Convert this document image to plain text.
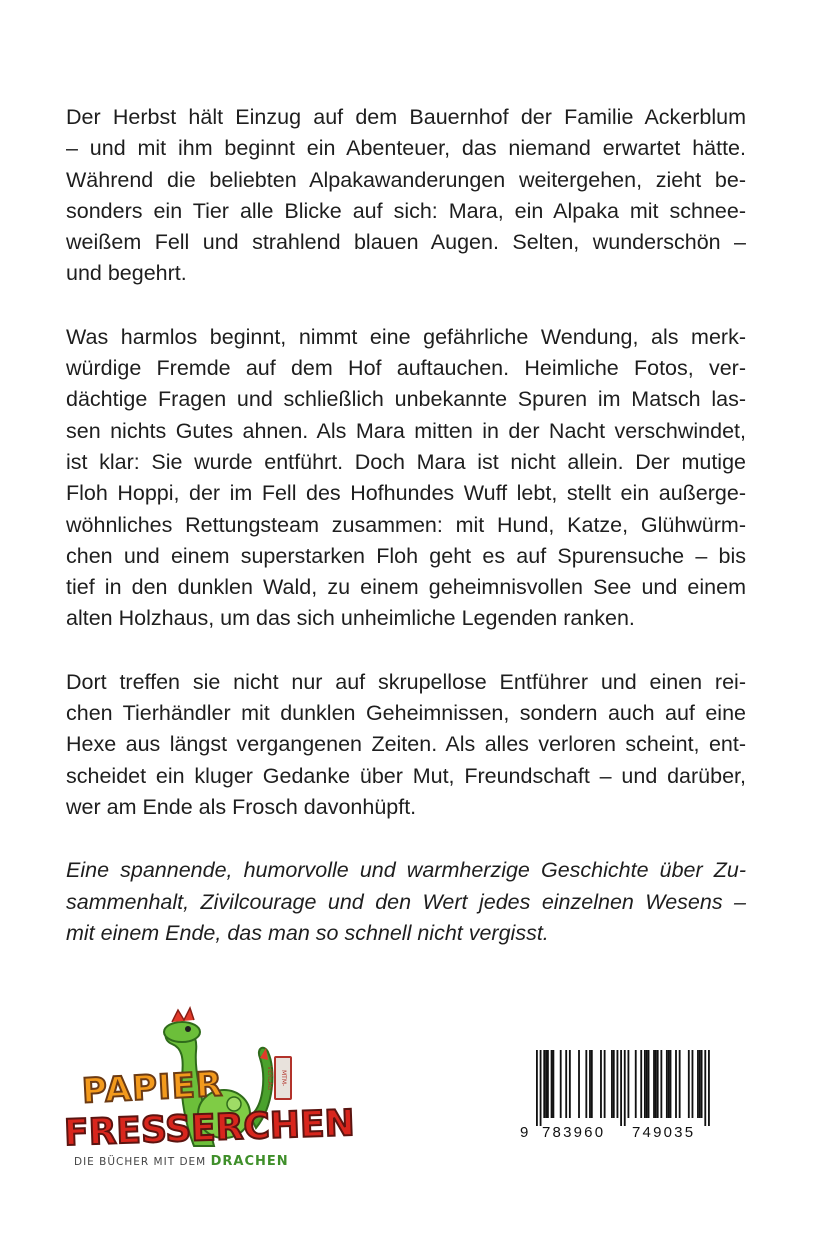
Der Herbst hält Einzug auf dem Bauernhof der Familie Ackerblum
– und mit ihm beginnt ein Abenteuer, das niemand erwartet hätte.
Während die beliebten Alpakawanderungen weitergehen, zieht be-
sonders ein Tier alle Blicke auf sich: Mara, ein Alpaka mit schnee-
weißem Fell und strahlend blauen Augen. Selten, wunderschön –
und begehrt.

Was harmlos beginnt, nimmt eine gefährliche Wendung, als merk-
würdige Fremde auf dem Hof auftauchen. Heimliche Fotos, ver-
dächtige Fragen und schließlich unbekannte Spuren im Matsch las-
sen nichts Gutes ahnen. Als Mara mitten in der Nacht verschwindet,
ist klar: Sie wurde entführt. Doch Mara ist nicht allein. Der mutige
Floh Hoppi, der im Fell des Hofhundes Wuff lebt, stellt ein außerge-
wöhnliches Rettungsteam zusammen: mit Hund, Katze, Glühwürm-
chen und einem superstarken Floh geht es auf Spurensuche – bis
tief in den dunklen Wald, zu einem geheimnisvollen See und einem
alten Holzhaus, um das sich unheimliche Legenden ranken.

Dort treffen sie nicht nur auf skrupellose Entführer und einen rei-
chen Tierhändler mit dunklen Geheimnissen, sondern auch auf eine
Hexe aus längst vergangenen Zeiten. Als alles verloren scheint, ent-
scheidet ein kluger Gedanke über Mut, Freundschaft – und darüber,
wer am Ende als Frosch davonhüpft.

Eine spannende, humorvolle und warmherzige Geschichte über Zu-
sammenhalt, Zivilcourage und den Wert jedes einzelnen Wesens –
mit einem Ende, das man so schnell nicht vergisst.

MTM-VERLAG
PAPIER
FRESSERCHEN
DIE BÜCHER MIT DEM DRACHEN
9 783960 749035
